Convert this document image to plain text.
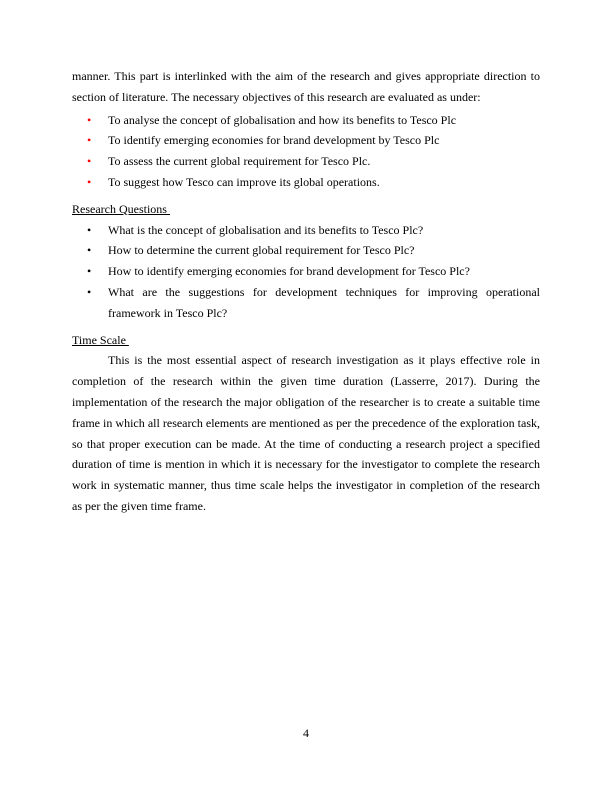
manner. This part is interlinked with the aim of the research and gives appropriate direction to section of literature. The necessary objectives of this research are evaluated as under:

•	To analyse the concept of globalisation and how its benefits to Tesco Plc
•	To identify emerging economies for brand development by Tesco Plc
•	To assess the current global requirement for Tesco Plc.
•	To suggest how Tesco can improve its global operations.
Research Questions
•	What is the concept of globalisation and its benefits to Tesco Plc?
•	How to determine the current global requirement for Tesco Plc?
•	How to identify emerging economies for brand development for Tesco Plc?
•	What are the suggestions for development techniques for improving operational framework in Tesco Plc?
Time Scale

This is the most essential aspect of research investigation as it plays effective role in completion of the research within the given time duration (Lasserre, 2017). During the implementation of the research the major obligation of the researcher is to create a suitable time frame in which all research elements are mentioned as per the precedence of the exploration task, so that proper execution can be made. At the time of conducting a research project a specified duration of time is mention in which it is necessary for the investigator to complete the research work in systematic manner, thus time scale helps the investigator in completion of the research as per the given time frame.

4
